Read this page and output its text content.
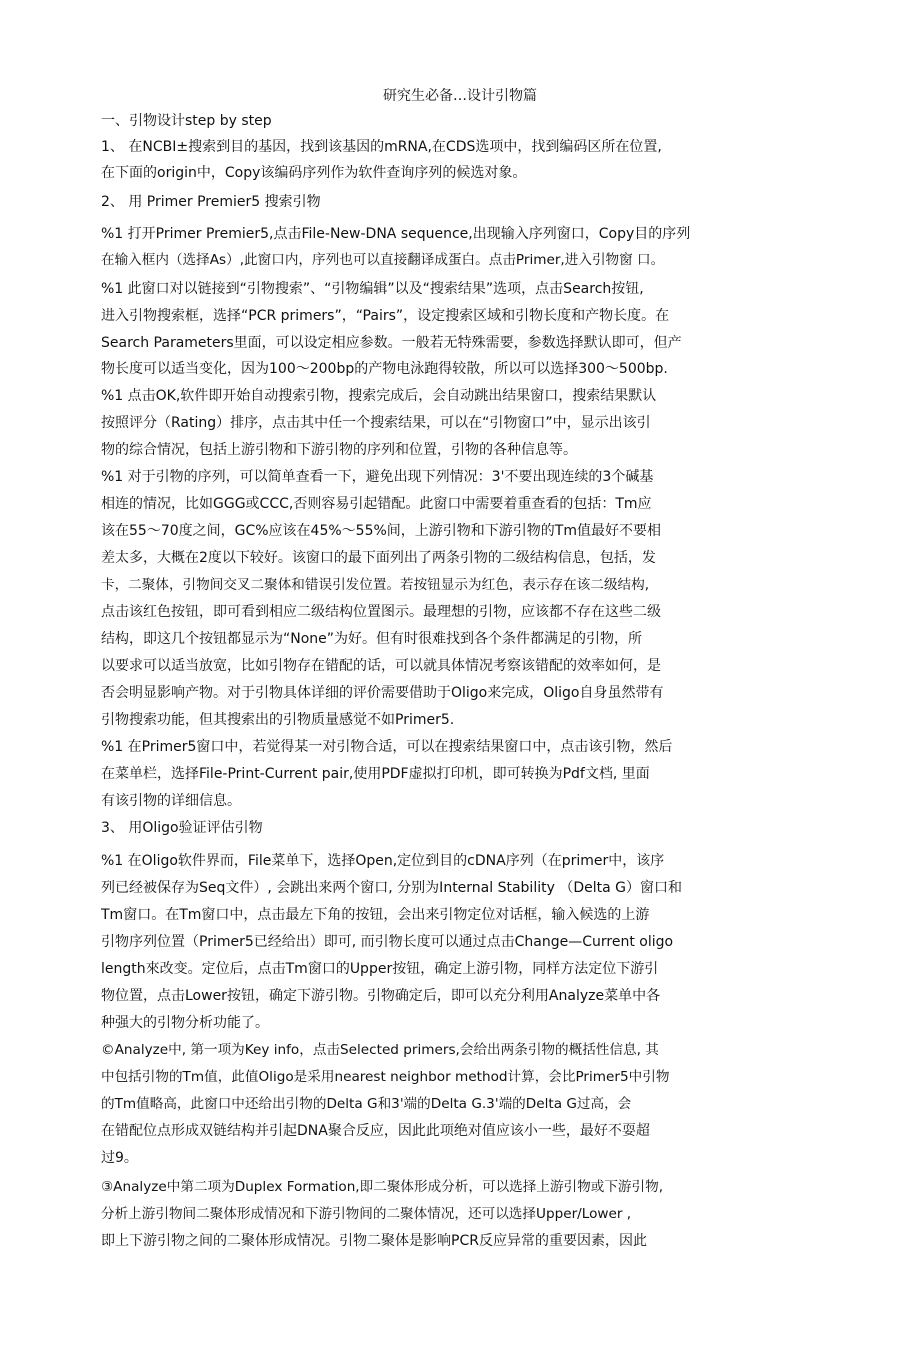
研究生必备…设计引物篇
一、引物设计step by step
1、 在NCBI±搜索到目的基因，找到该基因的mRNA,在CDS选项中，找到编码区所在位置,
在下面的origin中，Copy该编码序列作为软件查询序列的候选对象。
2、 用 Primer Premier5 搜索引物
%1 打开Primer Premier5,点击File-New-DNA sequence,出现输入序列窗口，Copy目的序列
在输入框内（选择As）,此窗口内，序列也可以直接翻译成蛋白。点击Primer,进入引物窗 口。
%1 此窗口对以链接到“引物搜索”、“引物编辑”以及“搜索结果”选项，点击Search按钮,
进入引物搜索框，选择“PCR primers”，“Pairs”，设定搜索区域和引物长度和产物长度。在
Search Parameters里面，可以设定相应参数。一般若无特殊需要，参数选择默认即可，但产
物长度可以适当变化，因为100～200bp的产物电泳跑得较散，所以可以选择300～500bp.
%1 点击OK,软件即开始自动搜索引物，搜索完成后，会自动跳出结果窗口，搜索结果默认
按照评分（Rating）排序，点击其中任一个搜索结果，可以在“引物窗口”中，显示出该引
物的综合情况，包括上游引物和下游引物的序列和位置，引物的各种信息等。
%1 对于引物的序列，可以简单查看一下，避免出现下列情况：3'不要出现连续的3个碱基
相连的情况，比如GGG或CCC,否则容易引起错配。此窗口中需要着重查看的包括：Tm应
该在55～70度之间，GC%应该在45%～55%间，上游引物和下游引物的Tm值最好不要相
差太多，大概在2度以下较好。该窗口的最下面列出了两条引物的二级结构信息，包括，发
卡，二聚体，引物间交叉二聚体和错误引发位置。若按钮显示为红色，表示存在该二级结构,
点击该红色按钮，即可看到相应二级结构位置图示。最理想的引物，应该都不存在这些二级
结构，即这几个按钮都显示为“None”为好。但有时很难找到各个条件都满足的引物，所
以要求可以适当放宽，比如引物存在错配的话，可以就具体情况考察该错配的效率如何，是
否会明显影响产物。对于引物具体详细的评价需要借助于Oligo来完成，Oligo自身虽然带有
引物搜索功能，但其搜索出的引物质量感觉不如Primer5.
%1 在Primer5窗口中，若觉得某一对引物合适，可以在搜索结果窗口中，点击该引物，然后
在菜单栏，选择File-Print-Current pair,使用PDF虚拟打印机，即可转换为Pdf文档, 里面
有该引物的详细信息。
3、 用Oligo验证评估引物
%1 在Oligo软件界而，File菜单下，选择Open,定位到目的cDNA序列（在primer中，该序
列已经被保存为Seq文件）, 会跳出来两个窗口, 分别为Internal Stability （Delta G）窗口和
Tm窗口。在Tm窗口中，点击最左下角的按钮，会出来引物定位对话框，输入候选的上游
引物序列位置（Primer5已经给出）即可, 而引物长度可以通过点击Change—Current oligo
length來改变。定位后，点击Tm窗口的Upper按钮，确定上游引物，同样方法定位下游引
物位置，点击Lower按钮，确定下游引物。引物确定后，即可以充分利用Analyze菜单中各
种强大的引物分析功能了。
©Analyze中, 第一项为Key info，点击Selected primers,会给出两条引物的概括性信息, 其
中包括引物的Tm值，此值Oligo是采用nearest neighbor method计算，会比Primer5中引物
的Tm值略高，此窗口中还给出引物的Delta G和3'端的Delta G.3'端的Delta G过高，会
在错配位点形成双链结构并引起DNA聚合反应，因此此项绝对值应该小一些，最好不耍超
过9。
③Analyze中第二项为Duplex Formation,即二聚体形成分析，可以选择上游引物或下游引物,
分析上游引物间二聚体形成情况和下游引物间的二聚体情况，还可以选择Upper/Lower ,
即上下游引物之间的二聚体形成情况。引物二聚体是影响PCR反应异常的重要因素，因此
